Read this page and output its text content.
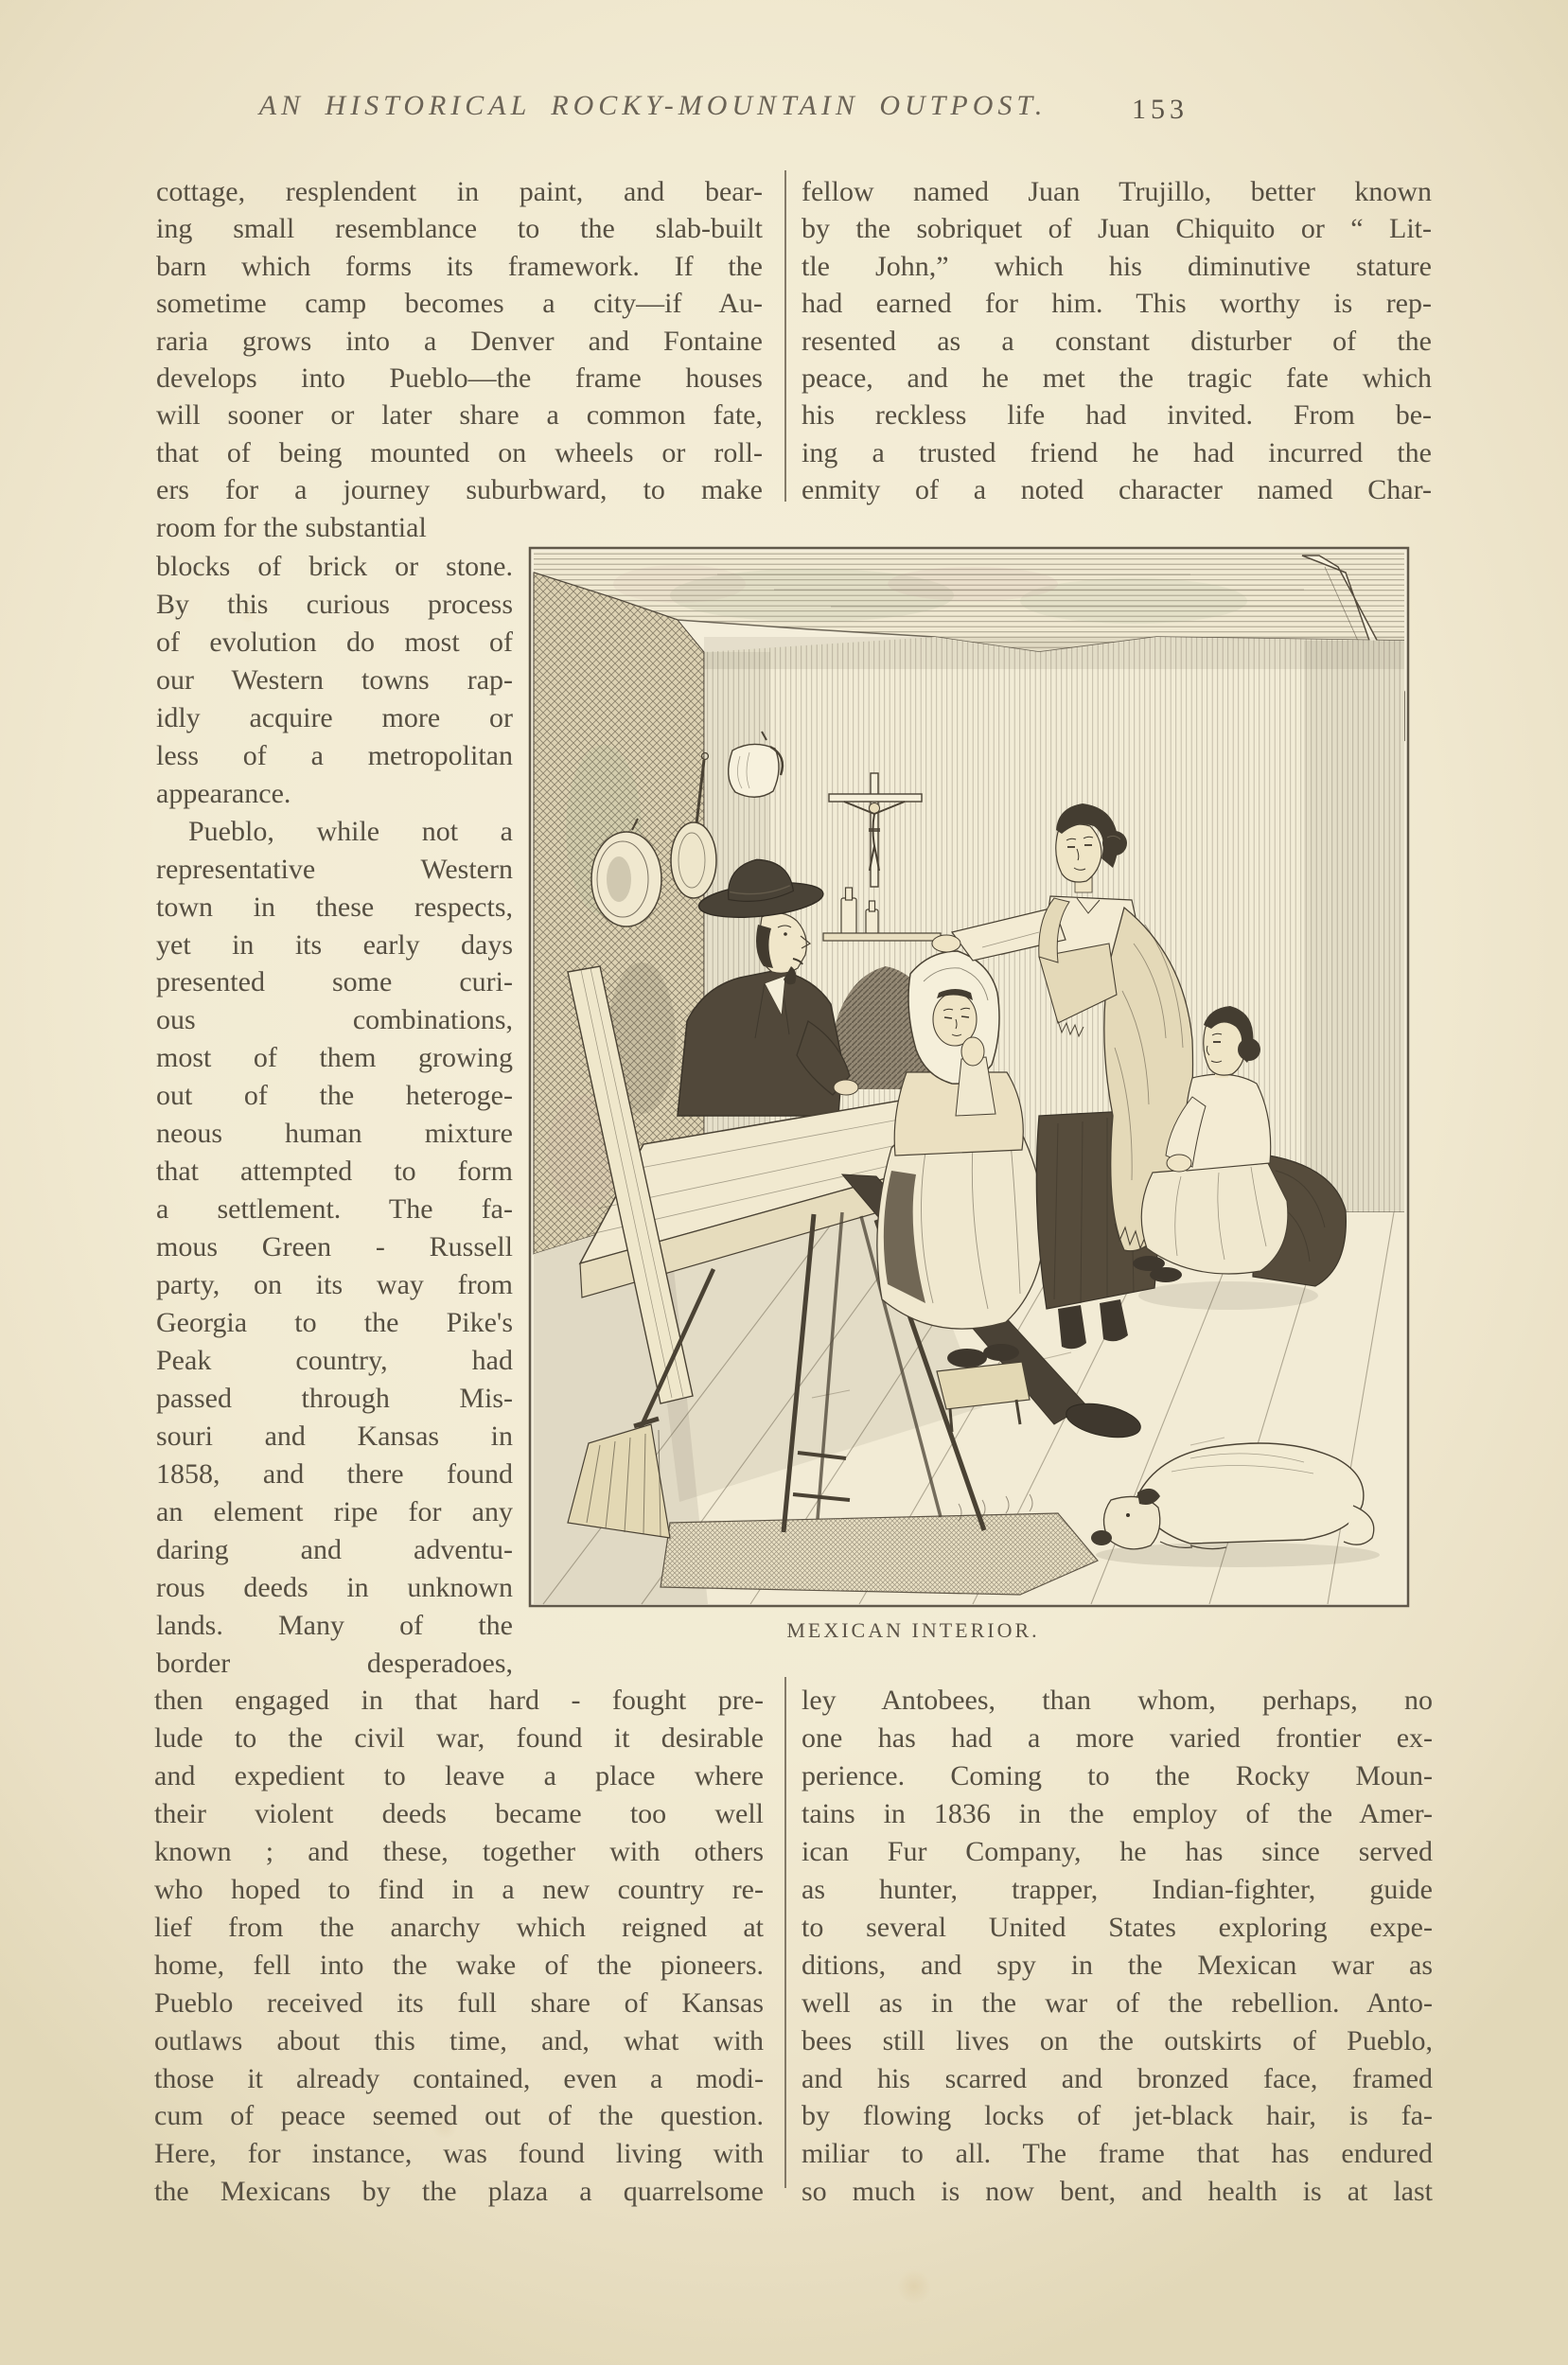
AN HISTORICAL ROCKY-MOUNTAIN OUTPOST.	153
cottage, resplendent in paint, and bear-
ing small resemblance to the slab-built
barn which forms its framework. If the
sometime camp becomes a city—if Au-
raria grows into a Denver and Fontaine
develops into Pueblo—the frame houses
will sooner or later share a common fate,
that of being mounted on wheels or roll-
ers for a journey suburbward, to make
room for the substantial
fellow named Juan Trujillo, better known
by the sobriquet of Juan Chiquito or “ Lit-
tle John,” which his diminutive stature
had earned for him. This worthy is rep-
resented as a constant disturber of the
peace, and he met the tragic fate which
his reckless life had invited. From be-
ing a trusted friend he had incurred the
enmity of a noted character named Char-
blocks of brick or stone.
By this curious process
of evolution do most of
our Western towns rap-
idly acquire more or
less of a metropolitan
appearance.
Pueblo, while not a
representative Western
town in these respects,
yet in its early days
presented some curi-
ous combinations,
most of them growing
out of the heteroge-
neous human mixture
that attempted to form
a settlement. The fa-
mous Green - Russell
party, on its way from
Georgia to the Pike's
Peak country, had
passed through Mis-
souri and Kansas in
1858, and there found
an element ripe for any
daring and adventu-
rous deeds in unknown
lands. Many of the
border desperadoes,
then engaged in that hard - fought pre-
lude to the civil war, found it desirable
and expedient to leave a place where
their violent deeds became too well
known ; and these, together with others
who hoped to find in a new country re-
lief from the anarchy which reigned at
home, fell into the wake of the pioneers.
Pueblo received its full share of Kansas
outlaws about this time, and, what with
those it already contained, even a modi-
cum of peace seemed out of the question.
Here, for instance, was found living with
the Mexicans by the plaza a quarrelsome
ley Antobees, than whom, perhaps, no
one has had a more varied frontier ex-
perience. Coming to the Rocky Moun-
tains in 1836 in the employ of the Amer-
ican Fur Company, he has since served
as hunter, trapper, Indian-fighter, guide
to several United States exploring expe-
ditions, and spy in the Mexican war as
well as in the war of the rebellion. Anto-
bees still lives on the outskirts of Pueblo,
and his scarred and bronzed face, framed
by flowing locks of jet-black hair, is fa-
miliar to all. The frame that has endured
so much is now bent, and health is at last
MEXICAN INTERIOR.
